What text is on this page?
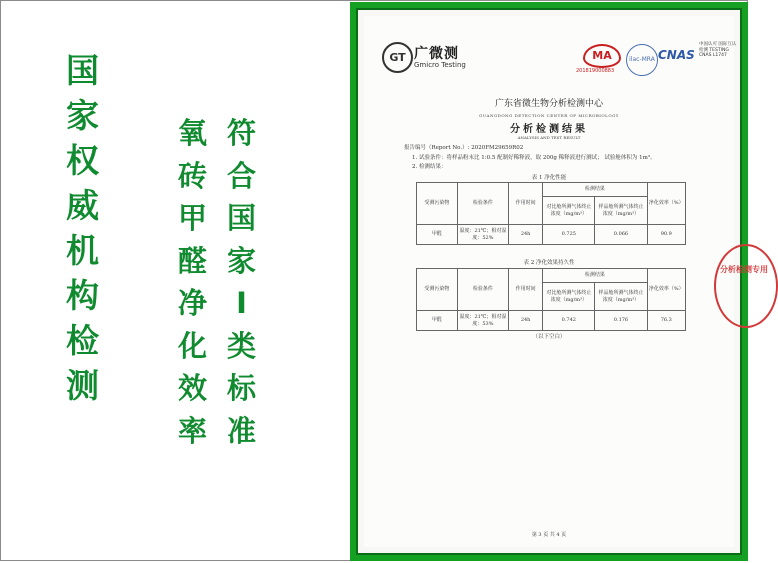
国
家
权
威
机
构
检
测
氧
砖
甲
醛
净
化
效
率
符
合
国
家
I
类
标
准
GT 广微测
Gmicro Testing
MA
201819000883
ilac-MRA CNAS
中国认可 国际互认 检测 TESTING CNAS L1747
广东省微生物分析检测中心
GUANGDONG DETECTION CENTER OF MICROBIOLOGY
分析检测结果
ANALYSIS AND TEST RESULT
报告编号（Report No.）: 2020FM29659R02
1. 试验条件：将样品粉末比 1:0.5 配制好稀释液，取 200g 稀释液进行测试； 试验舱体积为 1m³。
2. 检测结果：
表 1 净化性能
受测污染物	检验条件	作用时间	检测结果		净化效率（%）
			对比舱所测气体终止浓度（mg/m³）	样品舱所测气体终止浓度（mg/m³）	
甲醛	温度：21℃；相对湿度：52%	24h	0.725	0.066	90.9
表 2 净化效果持久性
受测污染物	检验条件	作用时间	检测结果		净化效率（%）
			对比舱所测气体终止浓度（mg/m³）	样品舱所测气体终止浓度（mg/m³）	
甲醛	温度：21℃；相对湿度：53%	24h	0.742	0.176	76.3
（以下空白）
第 3 页 共 4 页
分析检测专用
